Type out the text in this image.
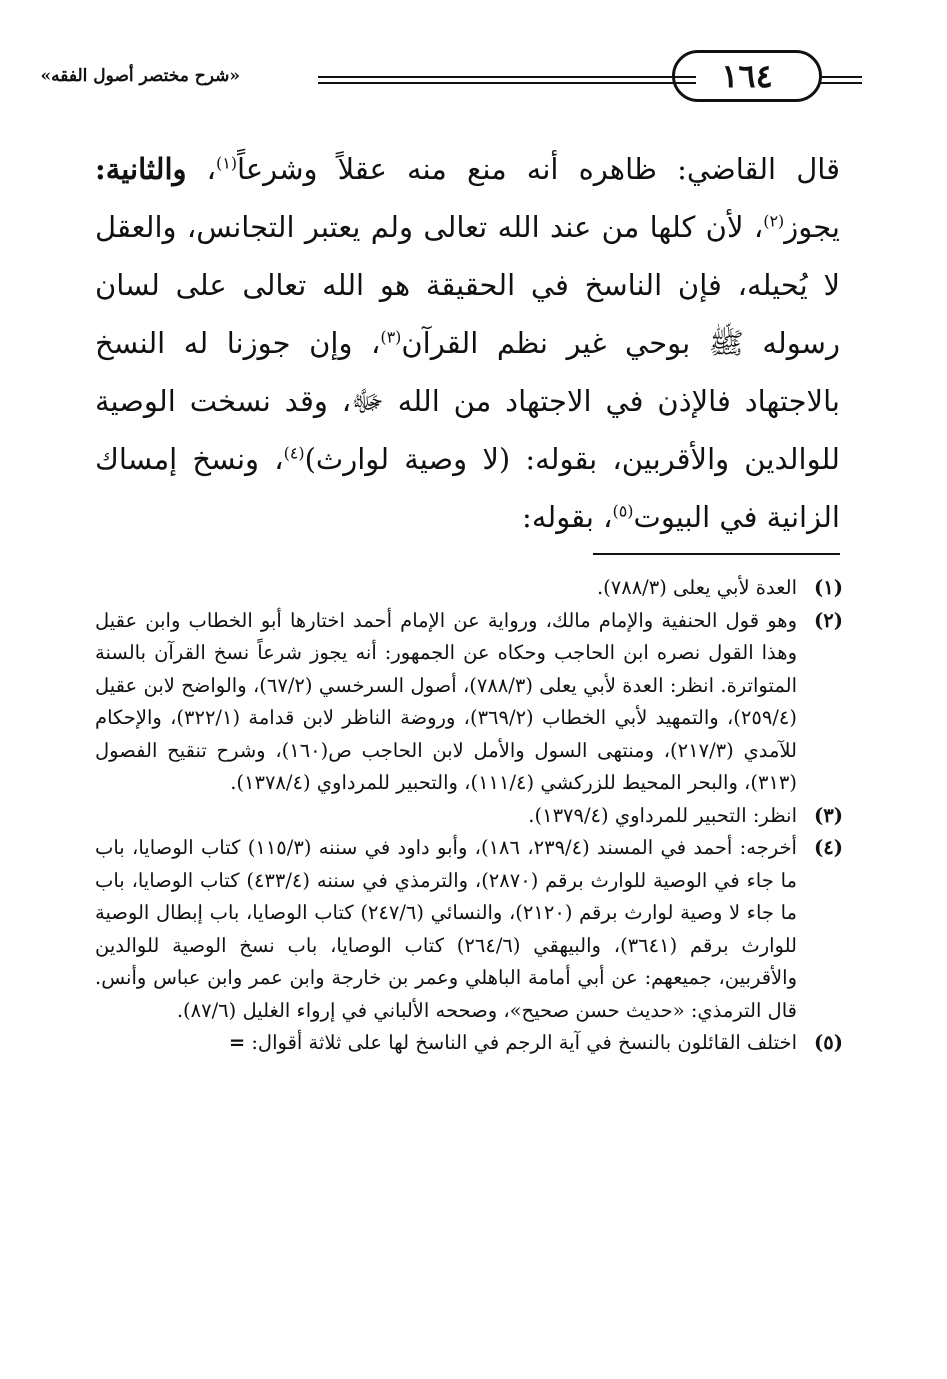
«شرح مختصر أصول الفقه»	١٦٤

قال القاضي: ظاهره أنه منع منه عقلاً وشرعاً$^{(١)}$، والثانية: يجوز$^{(٢)}$، لأن كلها من عند الله تعالى ولم يعتبر التجانس، والعقل لا يُحيله، فإن الناسخ في الحقيقة هو الله تعالى على لسان رسوله ﷺ بوحي غير نظم القرآن$^{(٣)}$، وإن جوزنا له النسخ بالاجتهاد فالإذن في الاجتهاد من الله ﷻ، وقد نسخت الوصية للوالدين والأقربين، بقوله: (لا وصية لوارث)$^{(٤)}$، ونسخ إمساك الزانية في البيوت$^{(٥)}$، بقوله:

(١)
العدة لأبي يعلى (٧٨٨/٣).
(٢)
وهو قول الحنفية والإمام مالك، ورواية عن الإمام أحمد اختارها أبو الخطاب وابن عقيل وهذا القول نصره ابن الحاجب وحكاه عن الجمهور: أنه يجوز شرعاً نسخ القرآن بالسنة المتواترة. انظر: العدة لأبي يعلى (٧٨٨/٣)، أصول السرخسي (٦٧/٢)، والواضح لابن عقيل (٢٥٩/٤)، والتمهيد لأبي الخطاب (٣٦٩/٢)، وروضة الناظر لابن قدامة (٣٢٢/١)، والإحكام للآمدي (٢١٧/٣)، ومنتهى السول والأمل لابن الحاجب ص(١٦٠)، وشرح تنقيح الفصول (٣١٣)، والبحر المحيط للزركشي (١١١/٤)، والتحبير للمرداوي (١٣٧٨/٤).
(٣)
انظر: التحبير للمرداوي (١٣٧٩/٤).
(٤)
أخرجه: أحمد في المسند (٢٣٩/٤، ١٨٦)، وأبو داود في سننه (١١٥/٣) كتاب الوصايا، باب ما جاء في الوصية للوارث برقم (٢٨٧٠)، والترمذي في سننه (٤٣٣/٤) كتاب الوصايا، باب ما جاء لا وصية لوارث برقم (٢١٢٠)، والنسائي (٢٤٧/٦) كتاب الوصايا، باب إبطال الوصية للوارث برقم (٣٦٤١)، والبيهقي (٢٦٤/٦) كتاب الوصايا، باب نسخ الوصية للوالدين والأقربين، جميعهم: عن أبي أمامة الباهلي وعمر بن خارجة وابن عمر وابن عباس وأنس. قال الترمذي: «حديث حسن صحيح»، وصححه الألباني في إرواء الغليل (٨٧/٦).
(٥)
اختلف القائلون بالنسخ في آية الرجم في الناسخ لها على ثلاثة أقوال: =
